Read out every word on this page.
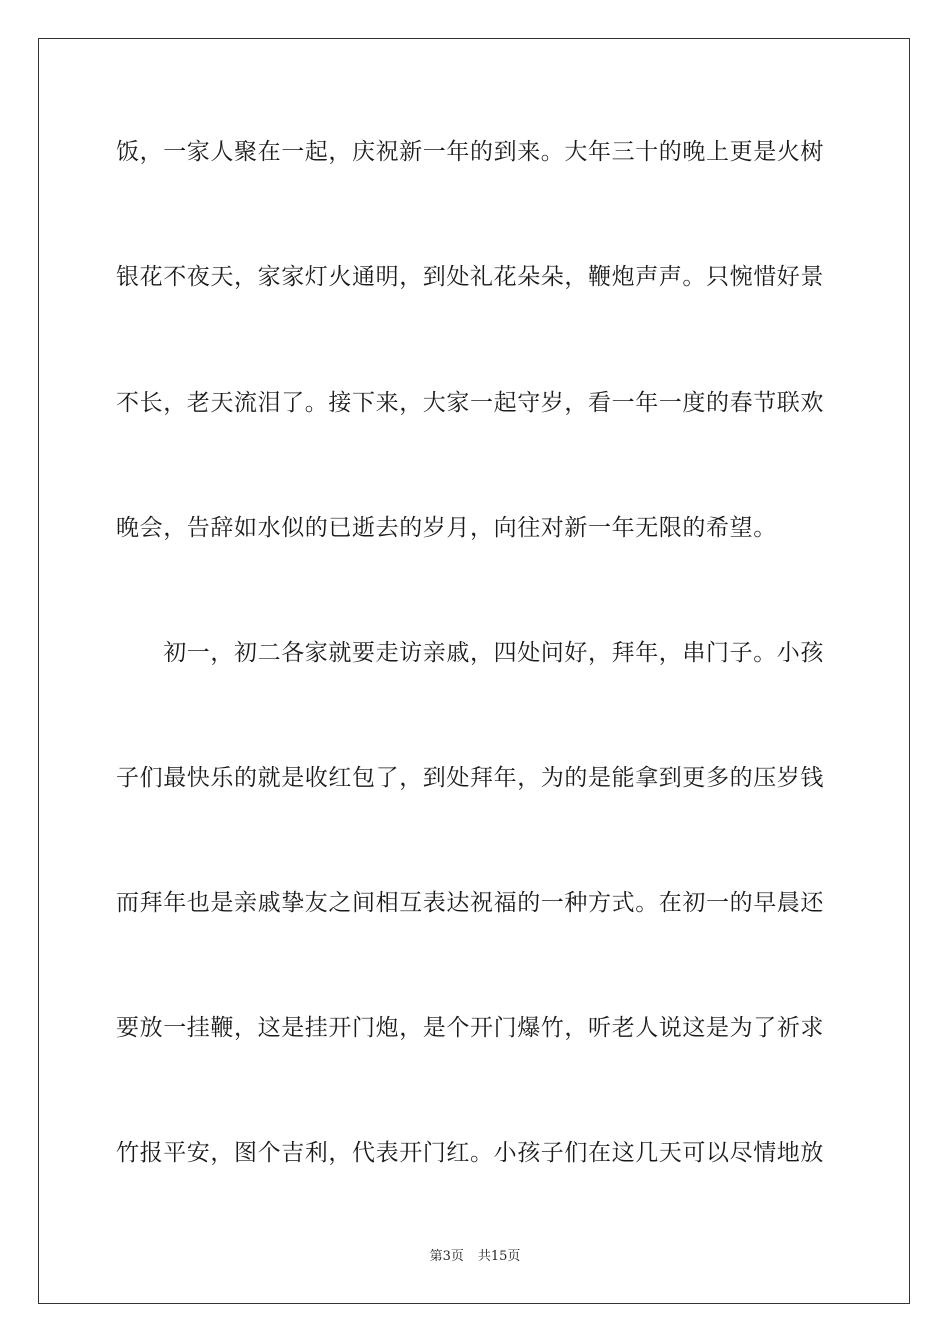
饭，一家人聚在一起，庆祝新一年的到来。大年三十的晚上更是火树
银花不夜天，家家灯火通明，到处礼花朵朵，鞭炮声声。只惋惜好景
不长，老天流泪了。接下来，大家一起守岁，看一年一度的春节联欢
晚会，告辞如水似的已逝去的岁月，向往对新一年无限的希望。
　　初一，初二各家就要走访亲戚，四处问好，拜年，串门子。小孩
子们最快乐的就是收红包了，到处拜年，为的是能拿到更多的压岁钱
而拜年也是亲戚挚友之间相互表达祝福的一种方式。在初一的早晨还
要放一挂鞭，这是挂开门炮，是个开门爆竹，听老人说这是为了祈求
竹报平安，图个吉利，代表开门红。小孩子们在这几天可以尽情地放
第3页 共15页
